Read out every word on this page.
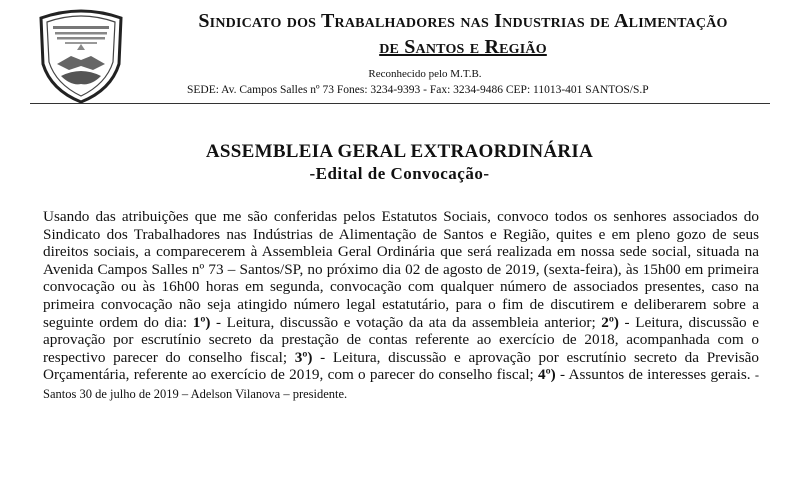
Sindicato dos Trabalhadores nas Industrias de Alimentação
de Santos e Região
Reconhecido pelo M.T.B.
SEDE: Av. Campos Salles nº 73 Fones: 3234-9393 - Fax: 3234-9486 CEP: 11013-401 SANTOS/S.P
ASSEMBLEIA GERAL EXTRAORDINÁRIA
-Edital de Convocação-
Usando das atribuições que me são conferidas pelos Estatutos Sociais, convoco todos os senhores associados do Sindicato dos Trabalhadores nas Indústrias de Alimentação de Santos e Região, quites e em pleno gozo de seus direitos sociais, a comparecerem à Assembleia Geral Ordinária que será realizada em nossa sede social, situada na Avenida Campos Salles nº 73 – Santos/SP, no próximo dia 02 de agosto de 2019, (sexta-feira), às 15h00 em primeira convocação ou às 16h00 horas em segunda, convocação com qualquer número de associados presentes, caso na primeira convocação não seja atingido número legal estatutário, para o fim de discutirem e deliberarem sobre a seguinte ordem do dia: 1º) - Leitura, discussão e votação da ata da assembleia anterior; 2º) - Leitura, discussão e aprovação por escrutínio secreto da prestação de contas referente ao exercício de 2018, acompanhada com o respectivo parecer do conselho fiscal; 3º) - Leitura, discussão e aprovação por escrutínio secreto da Previsão Orçamentária, referente ao exercício de 2019, com o parecer do conselho fiscal; 4º) - Assuntos de interesses gerais. - Santos 30 de julho de 2019 – Adelson Vilanova – presidente.
